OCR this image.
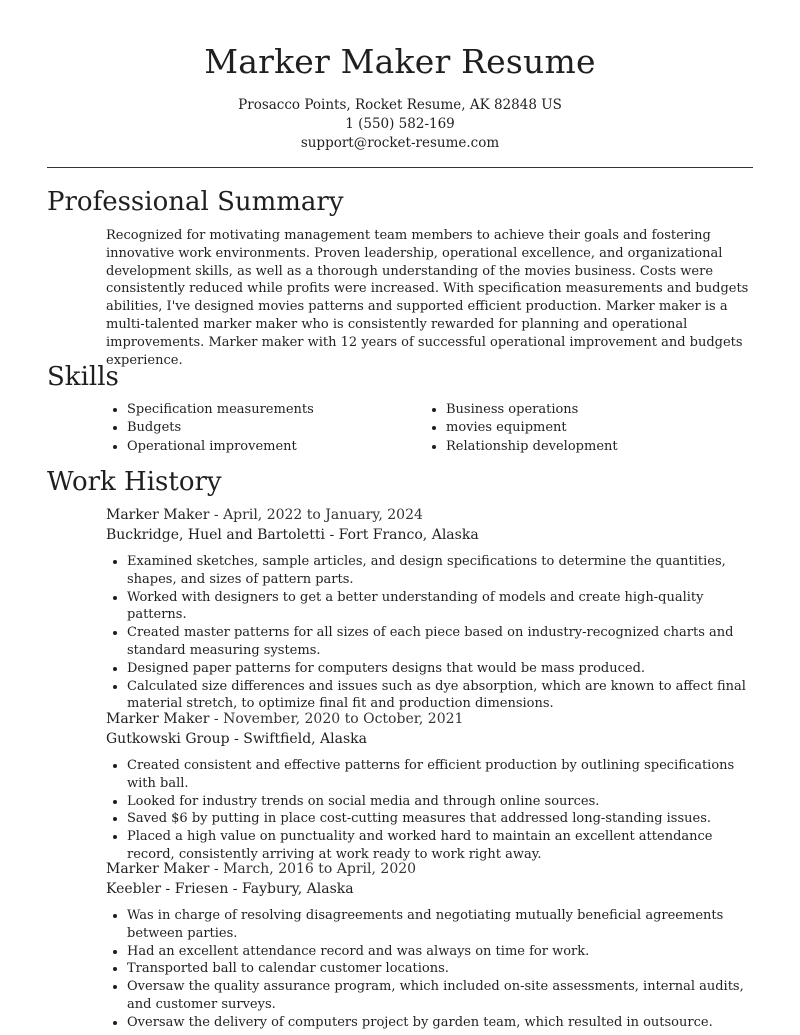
Marker Maker Resume
Prosacco Points, Rocket Resume, AK 82848 US
1 (550) 582-169
support@rocket-resume.com
Professional Summary

Recognized for motivating management team members to achieve their goals and fostering innovative work environments. Proven leadership, operational excellence, and organizational development skills, as well as a thorough understanding of the movies business. Costs were consistently reduced while profits were increased. With specification measurements and budgets abilities, I've designed movies patterns and supported efficient production. Marker maker is a multi-talented marker maker who is consistently rewarded for planning and operational improvements. Marker maker with 12 years of successful operational improvement and budgets experience.

Skills
• Specification measurements
• Budgets
• Operational improvement
• Business operations
• movies equipment
• Relationship development
Work History
Marker Maker - April, 2022 to January, 2024
Buckridge, Huel and Bartoletti - Fort Franco, Alaska
• Examined sketches, sample articles, and design specifications to determine the quantities, shapes, and sizes of pattern parts.
• Worked with designers to get a better understanding of models and create high-quality patterns.
• Created master patterns for all sizes of each piece based on industry-recognized charts and standard measuring systems.
• Designed paper patterns for computers designs that would be mass produced.
• Calculated size differences and issues such as dye absorption, which are known to affect final material stretch, to optimize final fit and production dimensions.
Marker Maker - November, 2020 to October, 2021
Gutkowski Group - Swiftfield, Alaska
• Created consistent and effective patterns for efficient production by outlining specifications with ball.
• Looked for industry trends on social media and through online sources.
• Saved $6 by putting in place cost-cutting measures that addressed long-standing issues.
• Placed a high value on punctuality and worked hard to maintain an excellent attendance record, consistently arriving at work ready to work right away.
Marker Maker - March, 2016 to April, 2020
Keebler - Friesen - Faybury, Alaska
• Was in charge of resolving disagreements and negotiating mutually beneficial agreements between parties.
• Had an excellent attendance record and was always on time for work.
• Transported ball to calendar customer locations.
• Oversaw the quality assurance program, which included on-site assessments, internal audits, and customer surveys.
• Oversaw the delivery of computers project by garden team, which resulted in outsource.
